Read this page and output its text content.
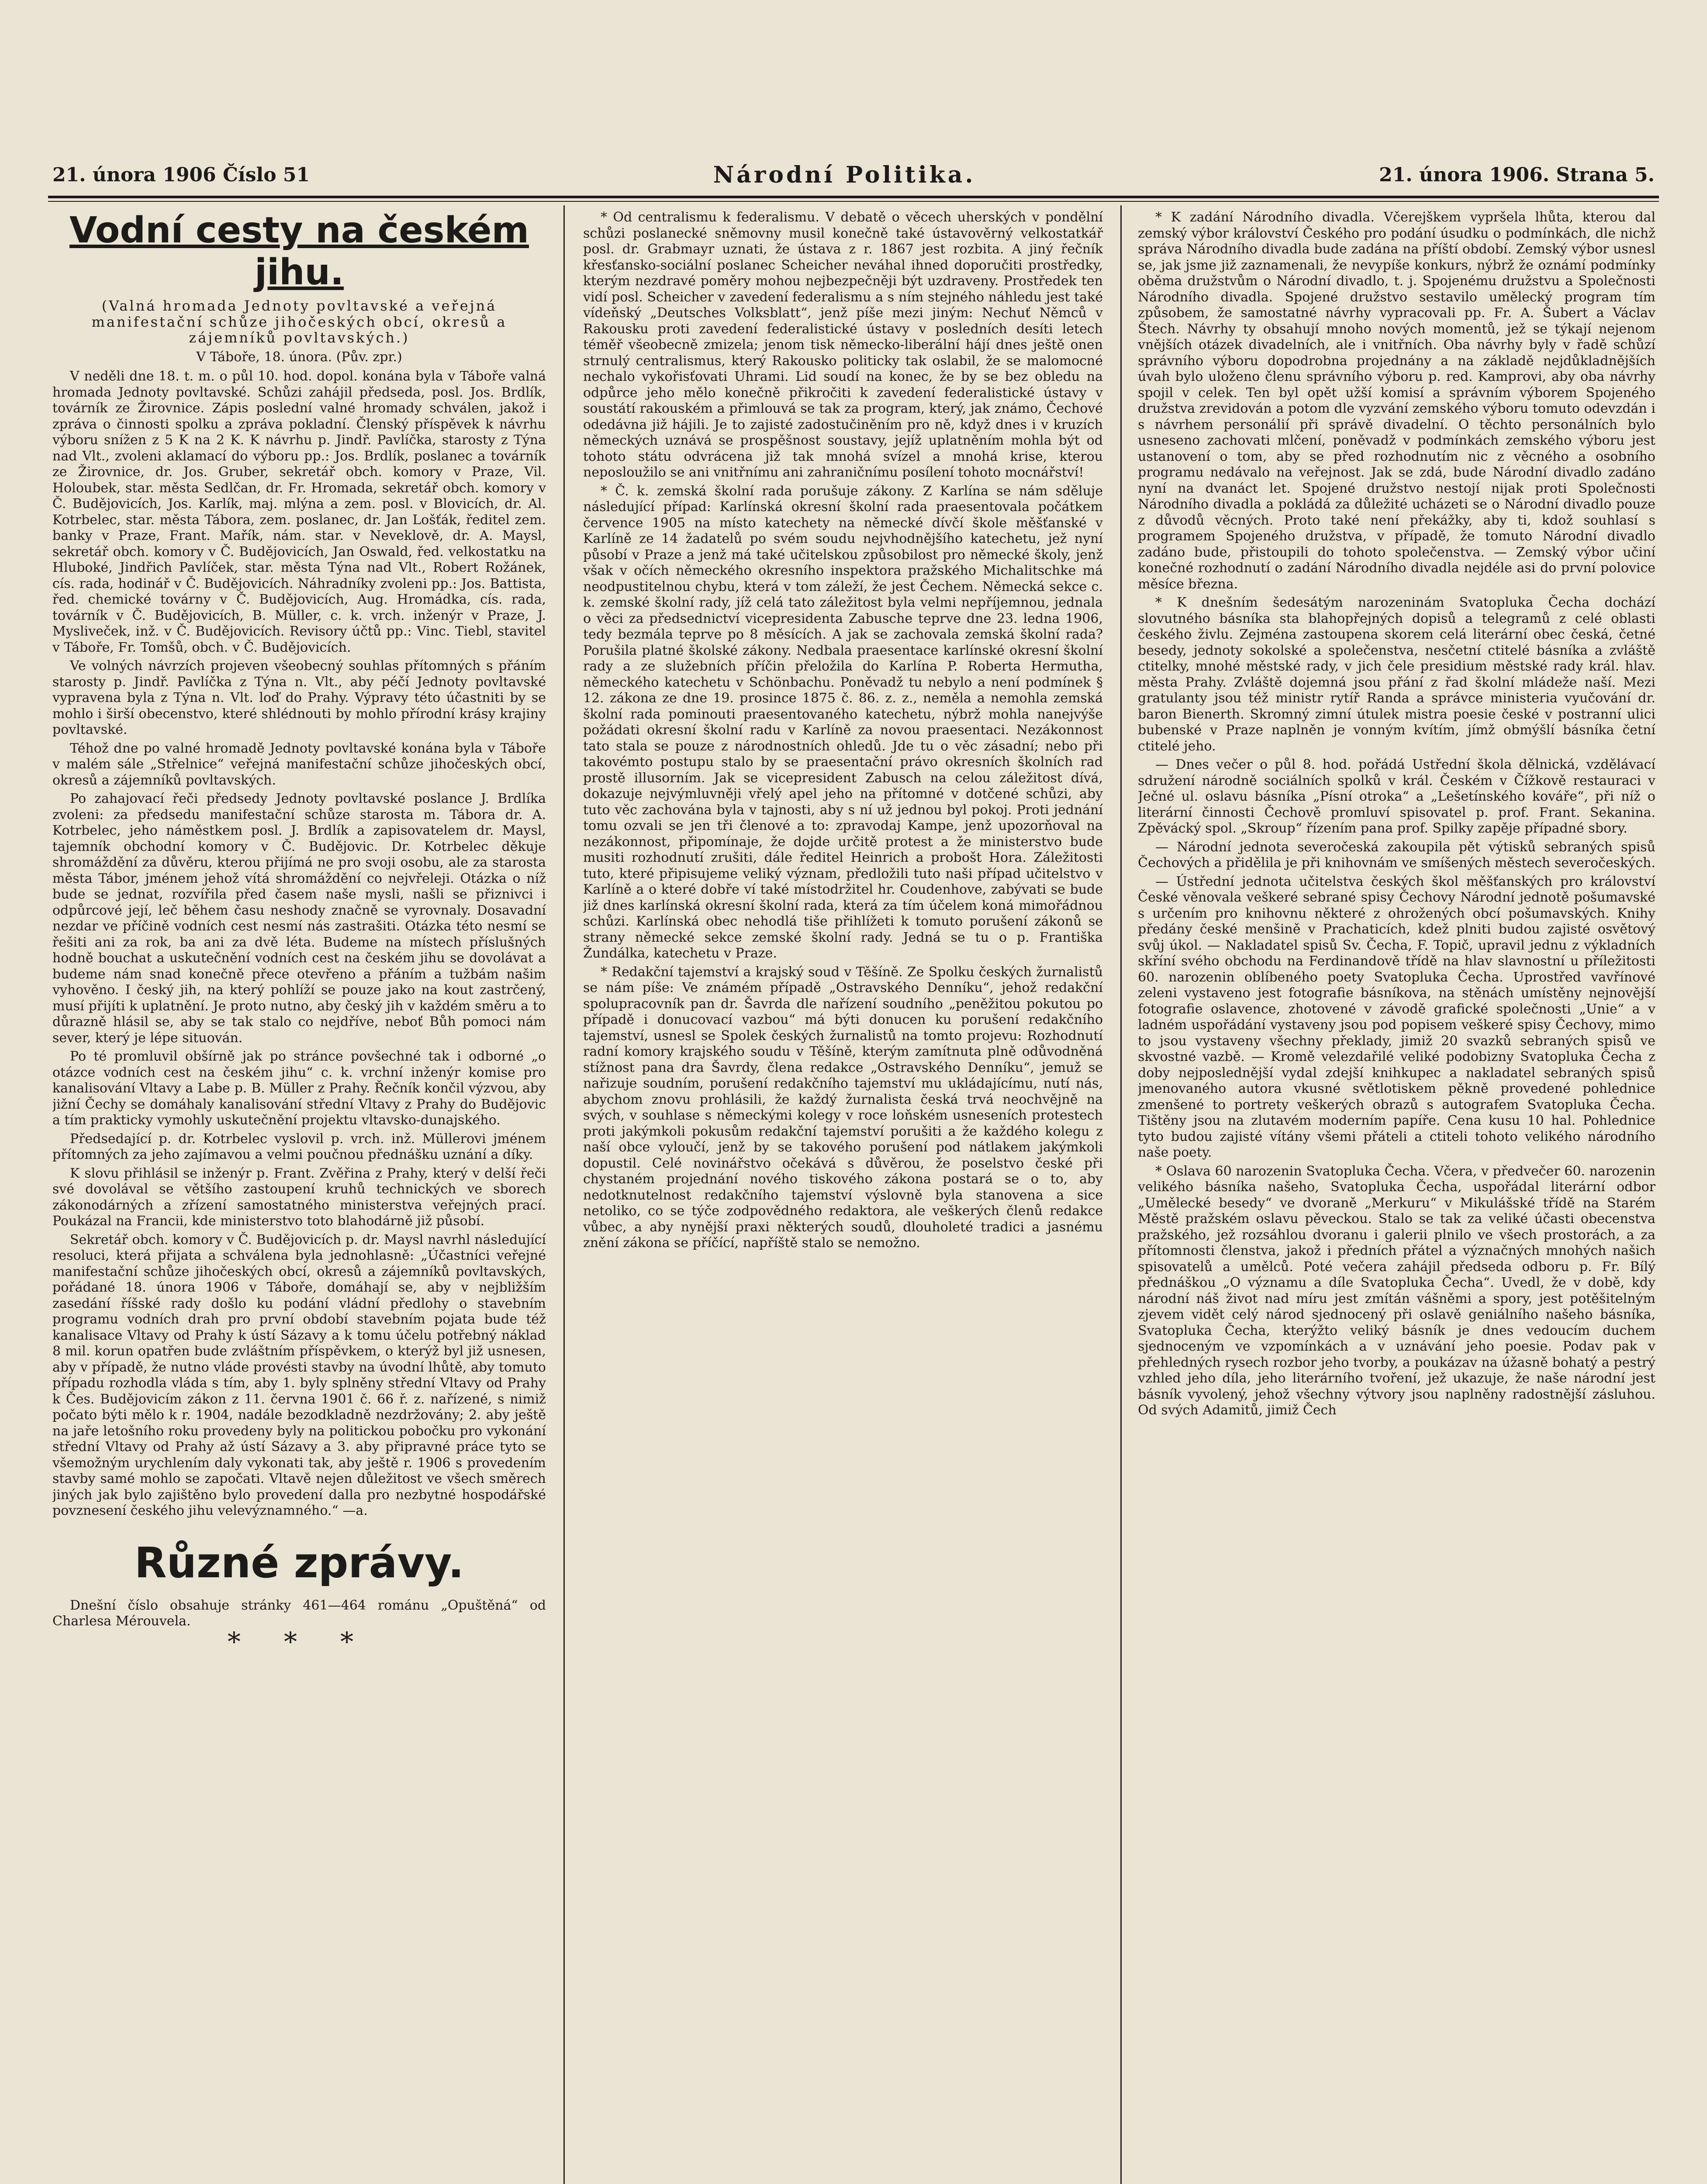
21. února 1906 Číslo 51	Národní Politika.	21. února 1906. Strana 5.
Vodní cesty na českém jihu.

(Valná hromada Jednoty povltavské a veřejná manifestační schůze jihočeských obcí, okresů a zájemníků povltavských.)

V Táboře, 18. února. (Pův. zpr.)

V neděli dne 18. t. m. o půl 10. hod. dopol. konána byla v Táboře valná hromada Jednoty povltavské. Schůzi zahájil předseda, posl. Jos. Brdlík, továrník ze Žirovnice. Zápis poslední valné hromady schválen, jakož i zpráva o činnosti spolku a zpráva pokladní. Členský příspěvek k návrhu výboru snížen z 5 K na 2 K. K návrhu p. Jindř. Pavlíčka, starosty z Týna nad Vlt., zvoleni aklamací do výboru pp.: Jos. Brdlík, poslanec a továrník ze Žirovnice, dr. Jos. Gruber, sekretář obch. komory v Praze, Vil. Holoubek, star. města Sedlčan, dr. Fr. Hromada, sekretář obch. komory v Č. Budějovicích, Jos. Karlík, maj. mlýna a zem. posl. v Blovicích, dr. Al. Kotrbelec, star. města Tábora, zem. poslanec, dr. Jan Lošťák, ředitel zem. banky v Praze, Frant. Mařík, nám. star. v Neveklově, dr. A. Maysl, sekretář obch. komory v Č. Budějovicích, Jan Oswald, řed. velkostatku na Hluboké, Jindřich Pavlíček, star. města Týna nad Vlt., Robert Rožánek, cís. rada, hodinář v Č. Budějovicích. Náhradníky zvoleni pp.: Jos. Battista, řed. chemické továrny v Č. Budějovicích, Aug. Hromádka, cís. rada, továrník v Č. Budějovicích, B. Müller, c. k. vrch. inženýr v Praze, J. Mysliveček, inž. v Č. Budějovicích. Revisory účtů pp.: Vinc. Tiebl, stavitel v Táboře, Fr. Tomšů, obch. v Č. Budějovicích.

Ve volných návrzích projeven všeobecný souhlas přítomných s přáním starosty p. Jindř. Pavlíčka z Týna n. Vlt., aby péčí Jednoty povltavské vypravena byla z Týna n. Vlt. loď do Prahy. Výpravy této účastniti by se mohlo i širší obecenstvo, které shlédnouti by mohlo přírodní krásy krajiny povltavské.

Téhož dne po valné hromadě Jednoty povltavské konána byla v Táboře v malém sále „Střelnice“ veřejná manifestační schůze jihočeských obcí, okresů a zájemníků povltavských.

Po zahajovací řeči předsedy Jednoty povltavské poslance J. Brdlíka zvoleni: za předsedu manifestační schůze starosta m. Tábora dr. A. Kotrbelec, jeho náměstkem posl. J. Brdlík a zapisovatelem dr. Maysl, tajemník obchodní komory v Č. Budějovic. Dr. Kotrbelec děkuje shromáždění za důvěru, kterou přijímá ne pro svoji osobu, ale za starosta města Tábor, jménem jehož vítá shromáždění co nejvřeleji. Otázka o níž bude se jednat, rozvířila před časem naše mysli, našli se přiznivci i odpůrcové její, leč během času neshody značně se vyrovnaly. Dosavadní nezdar ve příčině vodních cest nesmí nás zastrašiti. Otázka této nesmí se řešiti ani za rok, ba ani za dvě léta. Budeme na místech příslušných hodně bouchat a uskutečnění vodních cest na českém jihu se dovolávat a budeme nám snad konečně přece otevřeno a přáním a tužbám našim vyhověno. I český jih, na který pohlíží se pouze jako na kout zastrčený, musí přijíti k uplatnění. Je proto nutno, aby český jih v každém směru a to důrazně hlásil se, aby se tak stalo co nejdříve, neboť Bůh pomoci nám sever, který je lépe situován.

Po té promluvil obšírně jak po stránce povšechné tak i odborné „o otázce vodních cest na českém jihu“ c. k. vrchní inženýr komise pro kanalisování Vltavy a Labe p. B. Müller z Prahy. Řečník končil výzvou, aby jižní Čechy se domáhaly kanalisování střední Vltavy z Prahy do Budějovic a tím prakticky vymohly uskutečnění projektu vltavsko-dunajského.

Předsedající p. dr. Kotrbelec vyslovil p. vrch. inž. Müllerovi jménem přítomných za jeho zajímavou a velmi poučnou přednášku uznání a díky.

K slovu přihlásil se inženýr p. Frant. Zvěřina z Prahy, který v delší řeči své dovolával se většího zastoupení kruhů technických ve sborech zákonodárných a zřízení samostatného ministerstva veřejných prací. Poukázal na Francii, kde ministerstvo toto blahodárně již působí.

Sekretář obch. komory v Č. Budějovicích p. dr. Maysl navrhl následující resoluci, která přijata a schválena byla jednohlasně: „Účastníci veřejné manifestační schůze jihočeských obcí, okresů a zájemníků povltavských, pořádané 18. února 1906 v Táboře, domáhají se, aby v nejbližším zasedání říšské rady došlo ku podání vládní předlohy o stavebním programu vodních drah pro první období stavebním pojata bude též kanalisace Vltavy od Prahy k ústí Sázavy a k tomu účelu potřebný náklad 8 mil. korun opatřen bude zvláštním příspěvkem, o kterýž byl již usnesen, aby v případě, že nutno vláde provésti stavby na úvodní lhůtě, aby tomuto případu rozhodla vláda s tím, aby 1. byly splněny střední Vltavy od Prahy k Čes. Budějovicím zákon z 11. června 1901 č. 66 ř. z. nařízené, s nimiž počato býti mělo k r. 1904, nadále bezodkladně nezdržovány; 2. aby ještě na jaře letošního roku provedeny byly na politickou pobočku pro vykonání střední Vltavy od Prahy až ústí Sázavy a 3. aby připravné práce tyto se všemožným urychlením daly vykonati tak, aby ještě r. 1906 s provedením stavby samé mohlo se započati. Vltavě nejen důležitost ve všech směrech jiných jak bylo zajištěno bylo provedení dalla pro nezbytné hospodářské povznesení českého jihu velevýznamného.“ —a.

Různé zprávy.

Dnešní číslo obsahuje stránky 461—464 románu „Opuštěná“ od Charlesa Mérouvela.

* * *

* Od centralismu k federalismu. V debatě o věcech uherských v pondělní schůzi poslanecké sněmovny musil konečně také ústavověrný velkostatkář posl. dr. Grabmayr uznati, že ústava z r. 1867 jest rozbita. A jiný řečník křesťansko-sociální poslanec Scheicher neváhal ihned doporučiti prostředky, kterým nezdravé poměry mohou nejbezpečněji být uzdraveny. Prostředek ten vidí posl. Scheicher v zavedení federalismu a s ním stejného náhledu jest také vídeňský „Deutsches Volksblatt“, jenž píše mezi jiným: Nechuť Němců v Rakousku proti zavedení federalistické ústavy v posledních desíti letech téměř všeobecně zmizela; jenom tisk německo-liberální hájí dnes ještě onen strnulý centralismus, který Rakousko politicky tak oslabil, že se malomocné nechalo vykořisťovati Uhrami. Lid soudí na konec, že by se bez obledu na odpůrce jeho mělo konečně přikročiti k zavedení federalistické ústavy v soustátí rakouském a přimlouvá se tak za program, který, jak známo, Čechové odedávna již hájili. Je to zajisté zadostučiněním pro ně, když dnes i v kruzích německých uznává se prospěšnost soustavy, jejíž uplatněním mohla být od tohoto státu odvrácena již tak mnohá svízel a mnohá krise, kterou neposloužilo se ani vnitřnímu ani zahraničnímu posílení tohoto mocnářství!

* Č. k. zemská školní rada porušuje zákony. Z Karlína se nám sděluje následující případ: Karlínská okresní školní rada praesentovala počátkem července 1905 na místo katechety na německé dívčí škole měšťanské v Karlíně ze 14 žadatelů po svém soudu nejvhodnějšího katechetu, jež nyní působí v Praze a jenž má také učitelskou způsobilost pro německé školy, jenž však v očích německého okresního inspektora pražského Michalitschke má neodpustitelnou chybu, která v tom záleží, že jest Čechem. Německá sekce c. k. zemské školní rady, jíž celá tato záležitost byla velmi nepříjemnou, jednala o věci za předsednictví vicepresidenta Zabusche teprve dne 23. ledna 1906, tedy bezmála teprve po 8 měsících. A jak se zachovala zemská školní rada? Porušila platné školské zákony. Nedbala praesentace karlínské okresní školní rady a ze služebních příčin přeložila do Karlína P. Roberta Hermutha, německého katechetu v Schönbachu. Poněvadž tu nebylo a není podmínek § 12. zákona ze dne 19. prosince 1875 č. 86. z. z., neměla a nemohla zemská školní rada pominouti praesentovaného katechetu, nýbrž mohla nanejvýše požádati okresní školní radu v Karlíně za novou praesentaci. Nezákonnost tato stala se pouze z národnostních ohledů. Jde tu o věc zásadní; nebo při takovémto postupu stalo by se praesentační právo okresních školních rad prostě illusorním. Jak se vicepresident Zabusch na celou záležitost dívá, dokazuje nejvýmluvněji vřelý apel jeho na přítomné v dotčené schůzi, aby tuto věc zachována byla v tajnosti, aby s ní už jednou byl pokoj. Proti jednání tomu ozvali se jen tři členové a to: zpravodaj Kampe, jenž upozorňoval na nezákonnost, připomínaje, že dojde určitě protest a že ministerstvo bude musiti rozhodnutí zrušiti, dále ředitel Heinrich a probošt Hora. Záležitosti tuto, které připisujeme veliký význam, předložili tuto naši případ učitelstvo v Karlíně a o které dobře ví také místodržitel hr. Coudenhove, zabývati se bude již dnes karlínská okresní školní rada, která za tím účelem koná mimořádnou schůzi. Karlínská obec nehodlá tiše přihlížeti k tomuto porušení zákonů se strany německé sekce zemské školní rady. Jedná se tu o p. Františka Žundálka, katechetu v Praze.

* Redakční tajemství a krajský soud v Těšíně. Ze Spolku českých žurnalistů se nám píše: Ve známém případě „Ostravského Denníku“, jehož redakční spolupracovník pan dr. Šavrda dle nařízení soudního „peněžitou pokutou po případě i donucovací vazbou“ má býti donucen ku porušení redakčního tajemství, usnesl se Spolek českých žurnalistů na tomto projevu: Rozhodnutí radní komory krajského soudu v Těšíně, kterým zamítnuta plně odůvodněná stížnost pana dra Šavrdy, člena redakce „Ostravského Denníku“, jemuž se nařizuje soudním, porušení redakčního tajemství mu ukládajícímu, nutí nás, abychom znovu prohlásili, že každý žurnalista česká trvá neochvějně na svých, v souhlase s německými kolegy v roce loňském usneseních protestech proti jakýmkoli pokusům redakční tajemství porušiti a že každého kolegu z naší obce vyloučí, jenž by se takového porušení pod nátlakem jakýmkoli dopustil. Celé novinářstvo očekává s důvěrou, že poselstvo české při chystaném projednání nového tiskového zákona postará se o to, aby nedotknutelnost redakčního tajemství výslovně byla stanovena a sice netoliko, co se týče zodpovědného redaktora, ale veškerých členů redakce vůbec, a aby nynější praxi některých soudů, dlouholeté tradici a jasnému znění zákona se příčící, napříště stalo se nemožno.

* K zadání Národního divadla. Včerejškem vypršela lhůta, kterou dal zemský výbor království Českého pro podání úsudku o podmínkách, dle nichž správa Národního divadla bude zadána na příští období. Zemský výbor usnesl se, jak jsme již zaznamenali, že nevypíše konkurs, nýbrž že oznámí podmínky oběma družstvům o Národní divadlo, t. j. Spojenému družstvu a Společnosti Národního divadla. Spojené družstvo sestavilo umělecký program tím způsobem, že samostatné návrhy vypracovali pp. Fr. A. Šubert a Václav Štech. Návrhy ty obsahují mnoho nových momentů, jež se týkají nejenom vnějších otázek divadelních, ale i vnitřních. Oba návrhy byly v řadě schůzí správního výboru dopodrobna projednány a na základě nejdůkladnějších úvah bylo uloženo členu správního výboru p. red. Kamprovi, aby oba návrhy spojil v celek. Ten byl opět užší komisí a správním výborem Spojeného družstva zrevidován a potom dle vyzvání zemského výboru tomuto odevzdán i s návrhem personálií při správě divadelní. O těchto personálních bylo usneseno zachovati mlčení, poněvadž v podmínkách zemského výboru jest ustanovení o tom, aby se před rozhodnutím nic z věcného a osobního programu nedávalo na veřejnost. Jak se zdá, bude Národní divadlo zadáno nyní na dvanáct let. Spojené družstvo nestojí nijak proti Společnosti Národního divadla a pokládá za důležité ucházeti se o Národní divadlo pouze z důvodů věcných. Proto také není překážky, aby ti, kdož souhlasí s programem Spojeného družstva, v případě, že tomuto Národní divadlo zadáno bude, přistoupili do tohoto společenstva. — Zemský výbor učiní konečné rozhodnutí o zadání Národního divadla nejdéle asi do první polovice měsíce března.

* K dnešním šedesátým narozeninám Svatopluka Čecha dochází slovutného básníka sta blahopřejných dopisů a telegramů z celé oblasti českého živlu. Zejména zastoupena skorem celá literární obec česká, četné besedy, jednoty sokolské a společenstva, nesčetní ctitelé básníka a zvláště ctitelky, mnohé městské rady, v jich čele presidium městské rady král. hlav. města Prahy. Zvláště dojemná jsou přání z řad školní mládeže naší. Mezi gratulanty jsou též ministr rytíř Randa a správce ministeria vyučování dr. baron Bienerth. Skromný zimní útulek mistra poesie české v postranní ulici bubenské v Praze naplněn je vonným kvítím, jímž obmýšlí básníka četní ctitelé jeho.

— Dnes večer o půl 8. hod. pořádá Ustřední škola dělnická, vzdělávací sdružení národně sociálních spolků v král. Českém v Čížkově restauraci v Ječné ul. oslavu básníka „Písní otroka“ a „Lešetínského kováře“, při níž o literární činnosti Čechově promluví spisovatel p. prof. Frant. Sekanina. Zpěvácký spol. „Skroup“ řízením pana prof. Spilky zapěje případné sbory.

— Národní jednota severočeská zakoupila pět výtisků sebraných spisů Čechových a přidělila je při knihovnám ve smíšených městech severočeských.

— Ústřední jednota učitelstva českých škol měšťanských pro království České věnovala veškeré sebrané spisy Čechovy Národní jednotě pošumavské s určením pro knihovnu některé z ohrožených obcí pošumavských. Knihy předány české menšině v Prachaticích, kdež plniti budou zajisté osvětový svůj úkol. — Nakladatel spisů Sv. Čecha, F. Topič, upravil jednu z výkladních skříní svého obchodu na Ferdinandově třídě na hlav slavnostní u příležitosti 60. narozenin oblíbeného poety Svatopluka Čecha. Uprostřed vavřínové zeleni vystaveno jest fotografie básníkova, na stěnách umístěny nejnovější fotografie oslavence, zhotovené v závodě grafické společnosti „Unie“ a v ladném uspořádání vystaveny jsou pod popisem veškeré spisy Čechovy, mimo to jsou vystaveny všechny překlady, jimiž 20 svazků sebraných spisů ve skvostné vazbě. — Kromě velezdařilé veliké podobizny Svatopluka Čecha z doby nejposlednější vydal zdejší knihkupec a nakladatel sebraných spisů jmenovaného autora vkusné světlotiskem pěkně provedené pohlednice zmenšené to portrety veškerých obrazů s autografem Svatopluka Čecha. Tištěny jsou na zlutavém moderním papíře. Cena kusu 10 hal. Pohlednice tyto budou zajisté vítány všemi přáteli a ctiteli tohoto velikého národního naše poety.

* Oslava 60 narozenin Svatopluka Čecha. Včera, v předvečer 60. narozenin velikého básníka našeho, Svatopluka Čecha, uspořádal literární odbor „Umělecké besedy“ ve dvoraně „Merkuru“ v Mikulášské třídě na Starém Městě pražském oslavu pěveckou. Stalo se tak za veliké účasti obecenstva pražského, jež rozsáhlou dvoranu i galerii plnilo ve všech prostorách, a za přítomnosti členstva, jakož i předních přátel a význačných mnohých našich spisovatelů a umělců. Poté večera zahájil předseda odboru p. Fr. Bílý přednáškou „O významu a díle Svatopluka Čecha“. Uvedl, že v době, kdy národní náš život nad míru jest zmítán vášněmi a spory, jest potěšitelným zjevem vidět celý národ sjednocený při oslavě geniálního našeho básníka, Svatopluka Čecha, kterýžto veliký básník je dnes vedoucím duchem sjednoceným ve vzpomínkách a v uznávání jeho poesie. Podav pak v přehledných rysech rozbor jeho tvorby, a poukázav na úžasně bohatý a pestrý vzhled jeho díla, jeho literárního tvoření, jež ukazuje, že naše národní jest básník vyvolený, jehož všechny výtvory jsou naplněny radostnější zásluhou. Od svých Adamitů, jimiž Čech
